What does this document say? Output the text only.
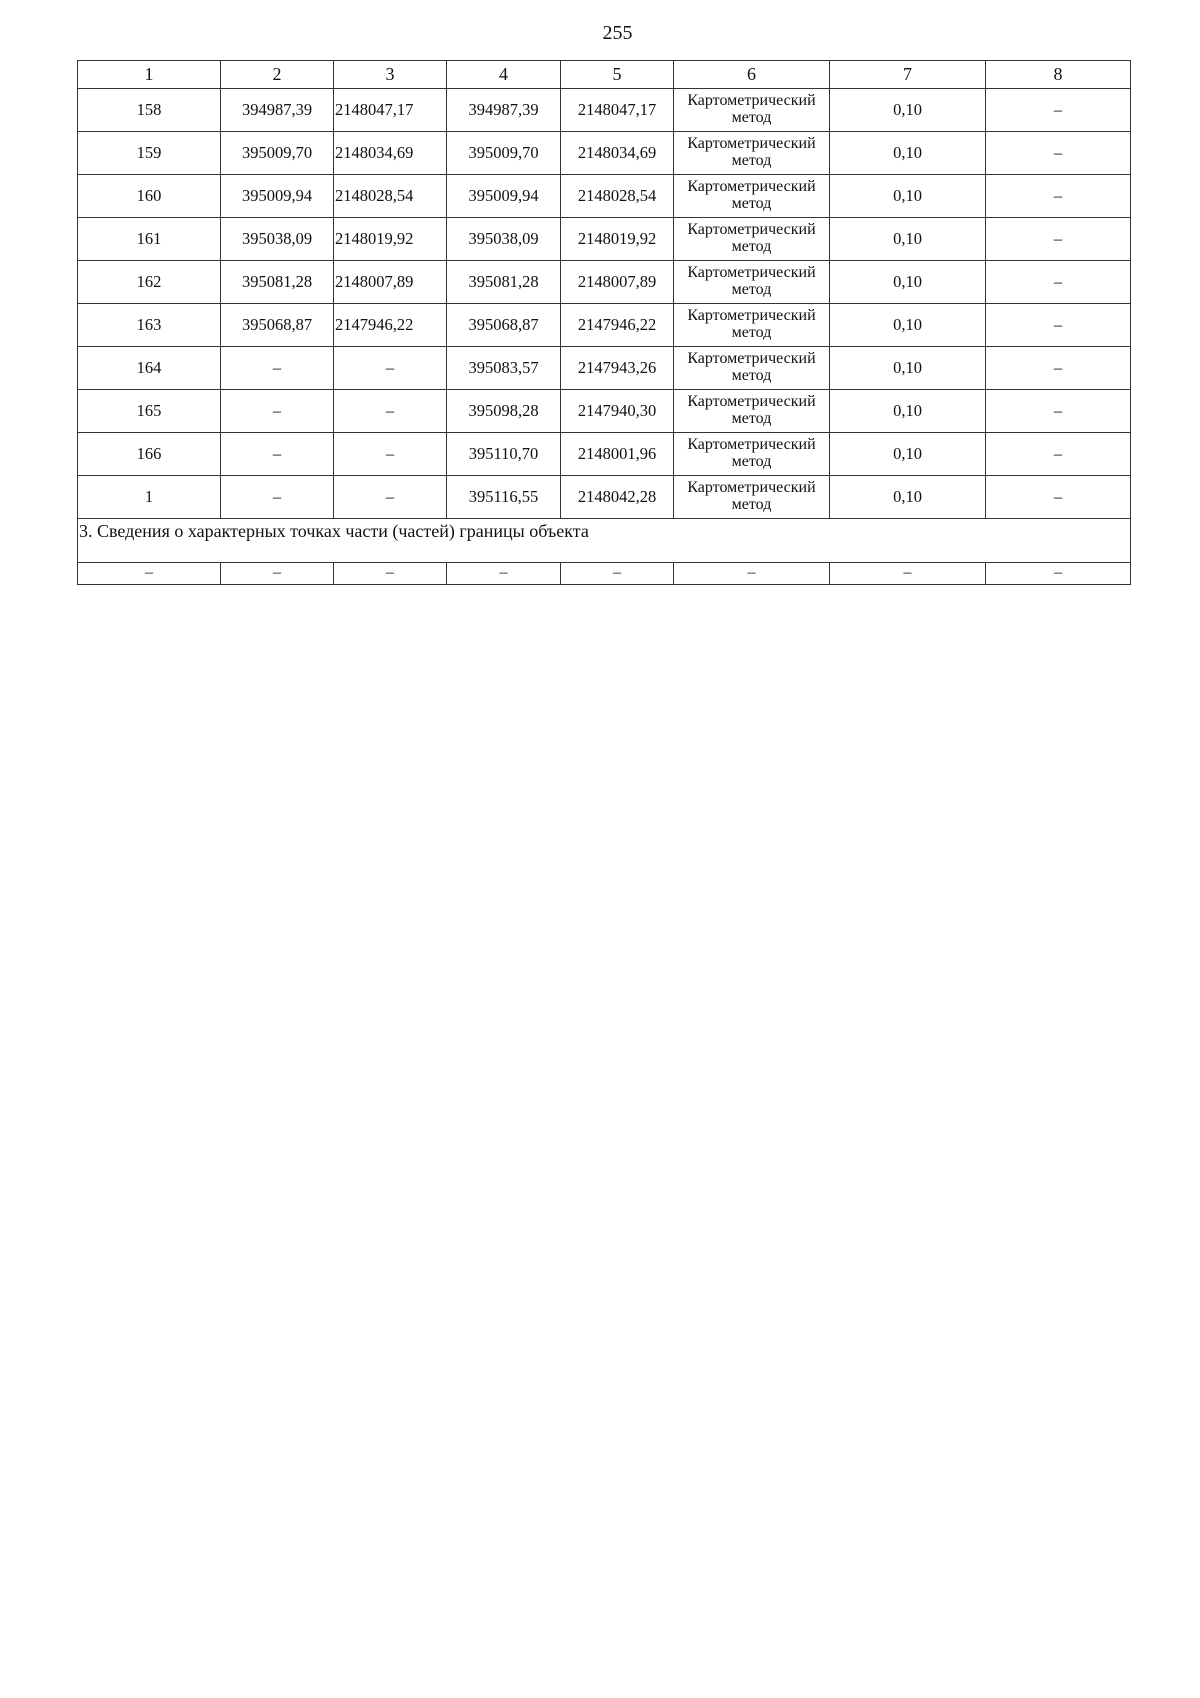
255
1	2	3	4	5	6	7	8
158	394987,39	2148047,17	394987,39	2148047,17	Картометрический метод	0,10	–
159	395009,70	2148034,69	395009,70	2148034,69	Картометрический метод	0,10	–
160	395009,94	2148028,54	395009,94	2148028,54	Картометрический метод	0,10	–
161	395038,09	2148019,92	395038,09	2148019,92	Картометрический метод	0,10	–
162	395081,28	2148007,89	395081,28	2148007,89	Картометрический метод	0,10	–
163	395068,87	2147946,22	395068,87	2147946,22	Картометрический метод	0,10	–
164	–	–	395083,57	2147943,26	Картометрический метод	0,10	–
165	–	–	395098,28	2147940,30	Картометрический метод	0,10	–
166	–	–	395110,70	2148001,96	Картометрический метод	0,10	–
1	–	–	395116,55	2148042,28	Картометрический метод	0,10	–
3. Сведения о характерных точках части (частей) границы объекта							
–	–	–	–	–	–	–	–
